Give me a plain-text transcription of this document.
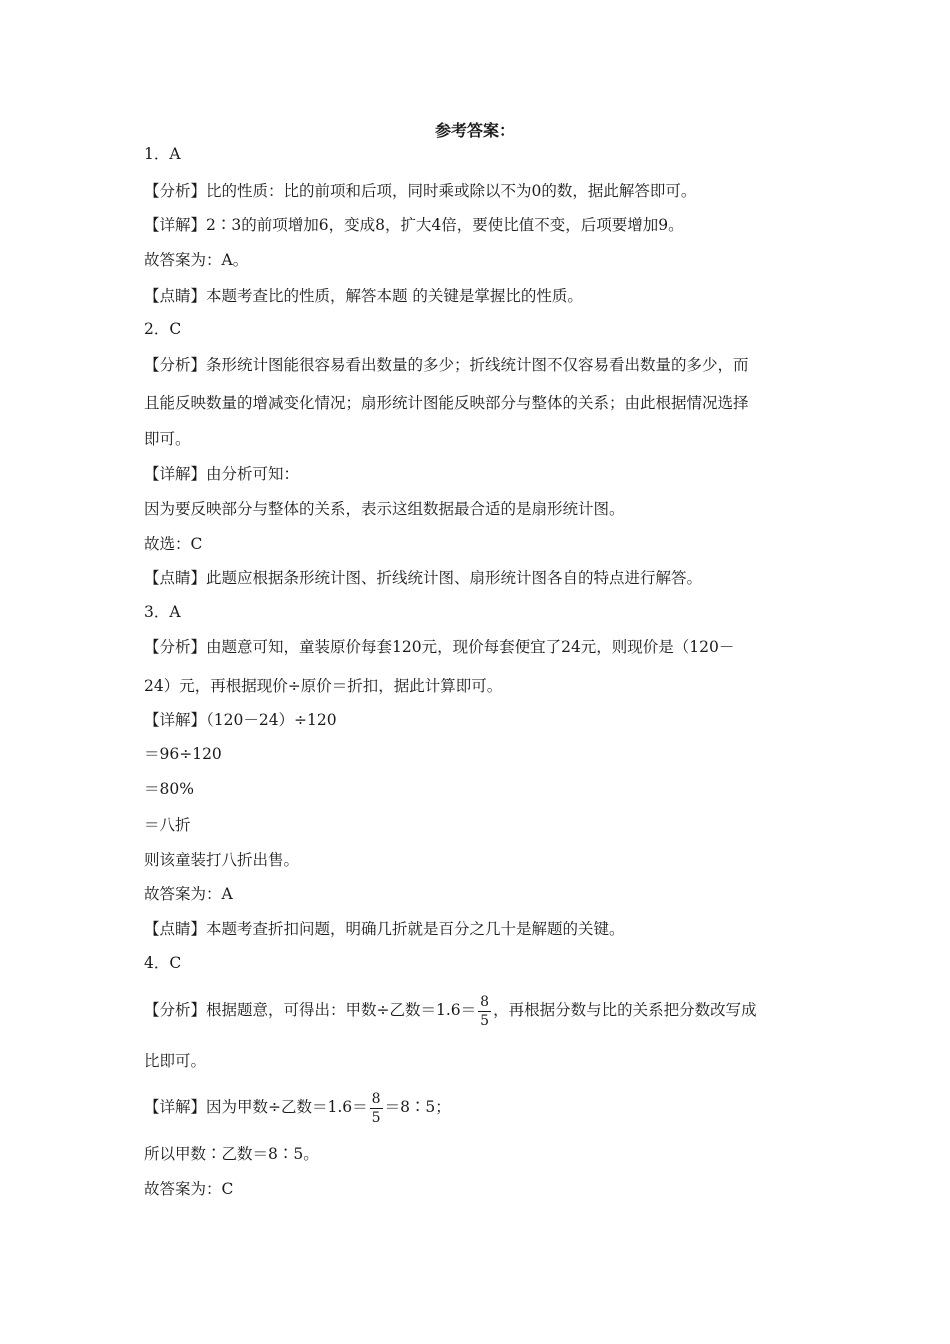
参考答案：
1．A
【分析】比的性质：比的前项和后项，同时乘或除以不为0的数，据此解答即可。
【详解】2∶3的前项增加6，变成8，扩大4倍，要使比值不变，后项要增加9。
故答案为：A。
【点睛】本题考查比的性质，解答本题 的关键是掌握比的性质。
2．C
【分析】条形统计图能很容易看出数量的多少；折线统计图不仅容易看出数量的多少，而
且能反映数量的增减变化情况；扇形统计图能反映部分与整体的关系；由此根据情况选择
即可。
【详解】由分析可知：
因为要反映部分与整体的关系，表示这组数据最合适的是扇形统计图。
故选：C
【点睛】此题应根据条形统计图、折线统计图、扇形统计图各自的特点进行解答。
3．A
【分析】由题意可知，童装原价每套120元，现价每套便宜了24元，则现价是（120－
24）元，再根据现价÷原价＝折扣，据此计算即可。
【详解】（120－24）÷120
＝96÷120
＝80%
＝八折
则该童装打八折出售。
故答案为：A
【点睛】本题考查折扣问题，明确几折就是百分之几十是解题的关键。
4．C
【分析】根据题意，可得出：甲数÷乙数$=1.6= \frac{8}{5}$ ，再根据分数与比的关系把分数改写成
比即可。
【详解】因为甲数÷乙数$=1.6= \frac{8}{5}$ ＝8∶5；
所以甲数∶乙数＝8∶5。
故答案为：C
